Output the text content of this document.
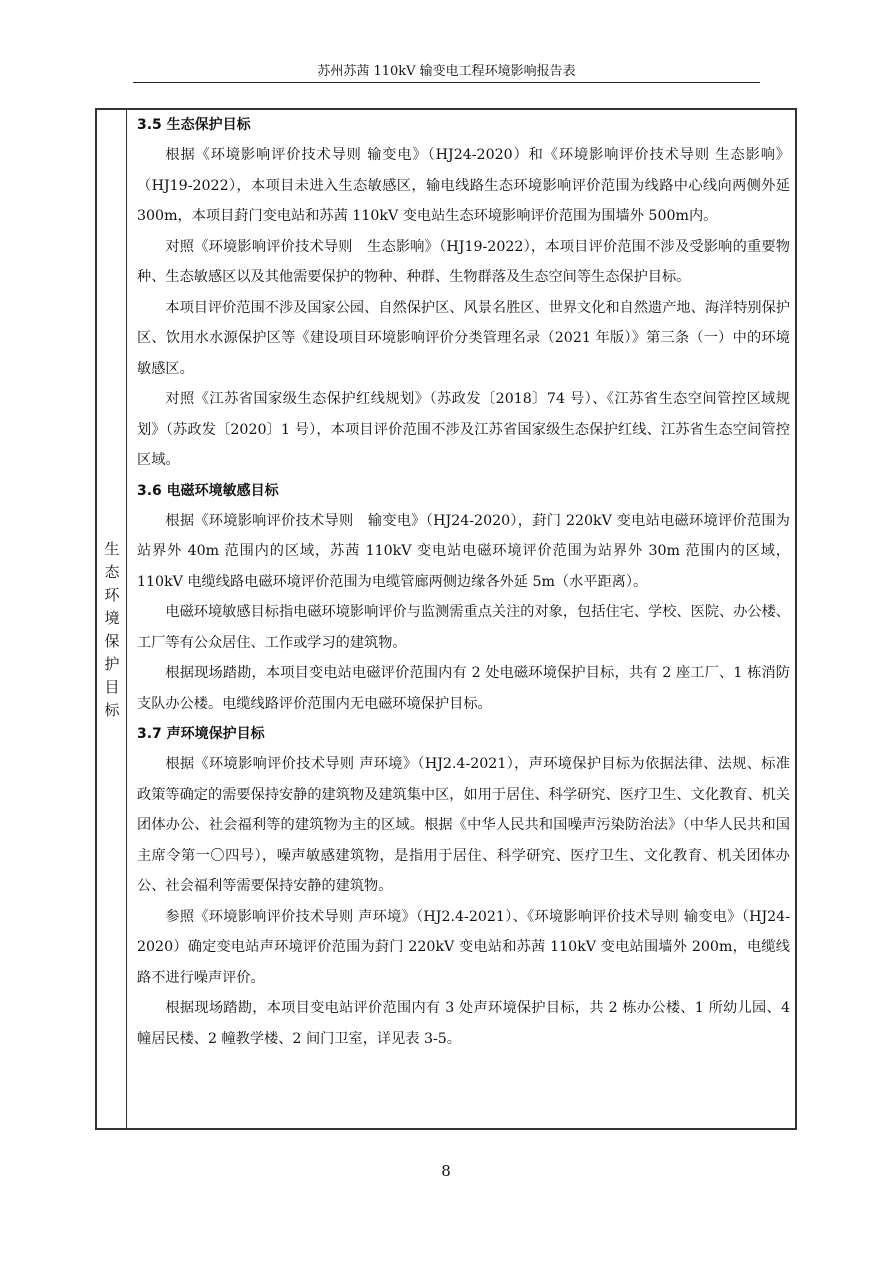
苏州苏茜 110kV 输变电工程环境影响报告表
生
态
环
境
保
护
目
标
3.5 生态保护目标

根据《环境影响评价技术导则 输变电》（HJ24-2020）和《环境影响评价技术导则 生态影响》（HJ19-2022），本项目未进入生态敏感区，输电线路生态环境影响评价范围为线路中心线向两侧外延 300m，本项目葑门变电站和苏茜 110kV 变电站生态环境影响评价范围为围墙外 500m内。

对照《环境影响评价技术导则　生态影响》（HJ19-2022），本项目评价范围不涉及受影响的重要物种、生态敏感区以及其他需要保护的物种、种群、生物群落及生态空间等生态保护目标。

本项目评价范围不涉及国家公园、自然保护区、风景名胜区、世界文化和自然遗产地、海洋特别保护区、饮用水水源保护区等《建设项目环境影响评价分类管理名录（2021 年版）》第三条（一）中的环境敏感区。

对照《江苏省国家级生态保护红线规划》（苏政发〔2018〕74 号）、《江苏省生态空间管控区域规划》（苏政发〔2020〕1 号），本项目评价范围不涉及江苏省国家级生态保护红线、江苏省生态空间管控区域。

3.6 电磁环境敏感目标

根据《环境影响评价技术导则　输变电》（HJ24-2020），葑门 220kV 变电站电磁环境评价范围为站界外 40m 范围内的区域，苏茜 110kV 变电站电磁环境评价范围为站界外 30m 范围内的区域，110kV 电缆线路电磁环境评价范围为电缆管廊两侧边缘各外延 5m（水平距离）。

电磁环境敏感目标指电磁环境影响评价与监测需重点关注的对象，包括住宅、学校、医院、办公楼、工厂等有公众居住、工作或学习的建筑物。

根据现场踏勘，本项目变电站电磁评价范围内有 2 处电磁环境保护目标，共有 2 座工厂、1 栋消防支队办公楼。电缆线路评价范围内无电磁环境保护目标。

3.7 声环境保护目标

根据《环境影响评价技术导则 声环境》（HJ2.4-2021），声环境保护目标为依据法律、法规、标准政策等确定的需要保持安静的建筑物及建筑集中区，如用于居住、科学研究、医疗卫生、文化教育、机关团体办公、社会福利等的建筑物为主的区域。根据《中华人民共和国噪声污染防治法》（中华人民共和国主席令第一〇四号），噪声敏感建筑物，是指用于居住、科学研究、医疗卫生、文化教育、机关团体办公、社会福利等需要保持安静的建筑物。

参照《环境影响评价技术导则 声环境》（HJ2.4-2021）、《环境影响评价技术导则 输变电》（HJ24-2020）确定变电站声环境评价范围为葑门 220kV 变电站和苏茜 110kV 变电站围墙外 200m，电缆线路不进行噪声评价。

根据现场踏勘，本项目变电站评价范围内有 3 处声环境保护目标，共 2 栋办公楼、1 所幼儿园、4 幢居民楼、2 幢教学楼、2 间门卫室，详见表 3-5。

8
